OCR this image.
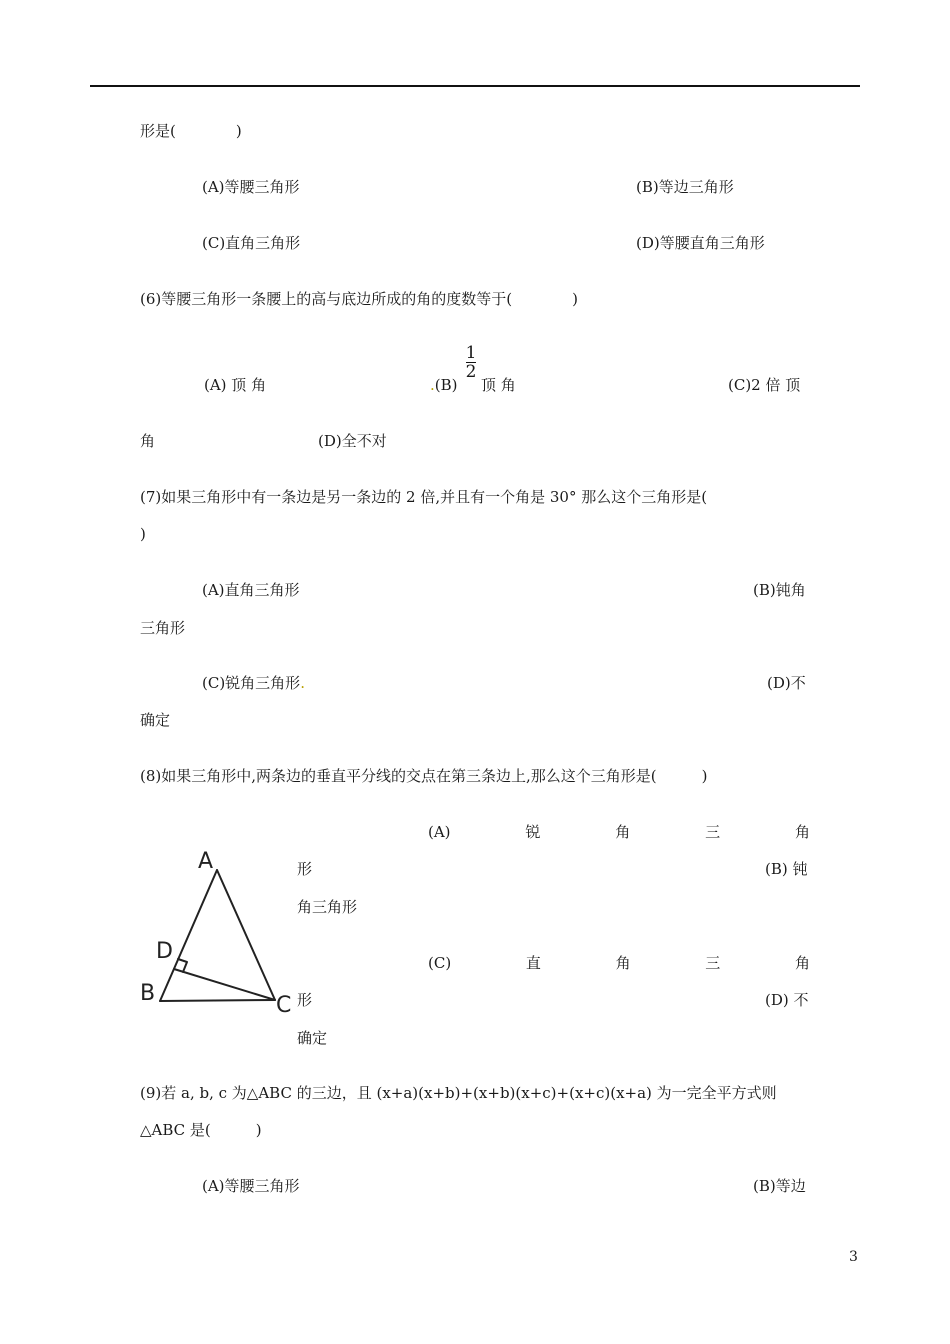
形是(　　　　)
(A)等腰三角形	(B)等边三角形
(C)直角三角形	(D)等腰直角三角形
(6)等腰三角形一条腰上的高与底边所成的角的度数等于(　　　　)
(A) 顶 角	.(B)
1
2
顶 角	(C)2 倍 顶
角	(D)全不对
(7)如果三角形中有一条边是另一条边的 2 倍,并且有一个角是 30° 那么这个三角形是(
)
(A)直角三角形	(B)钝角
三角形
(C)锐角三角形.	(D)不
确定
(8)如果三角形中,两条边的垂直平分线的交点在第三条边上,那么这个三角形是(　　　)
(A)	锐	角	三	角
形	(B) 钝
角三角形
(C)	直	角	三	角
形	(D) 不
确定
A
D
B	C
(9)若 a, b, c 为△ABC 的三边，且 (x+a)(x+b)+(x+b)(x+c)+(x+c)(x+a) 为一完全平方式则
△ABC 是(　　　)
(A)等腰三角形	(B)等边
3
